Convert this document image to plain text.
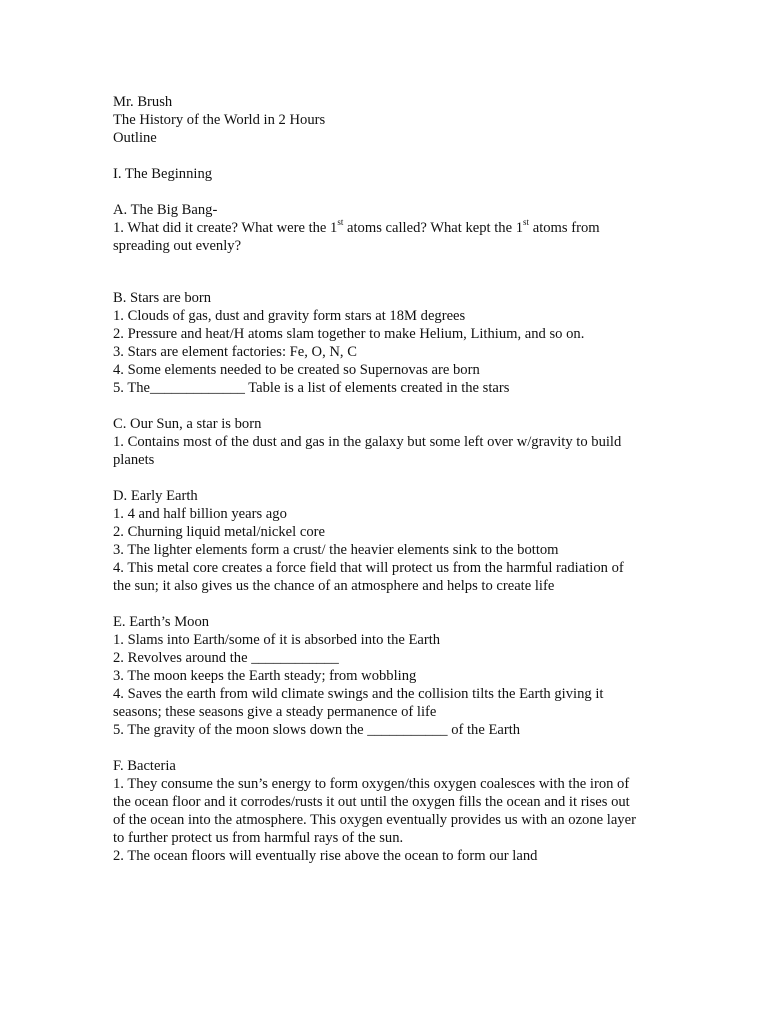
Mr. Brush
The History of the World in 2 Hours
Outline
I. The Beginning
A. The Big Bang-
1. What did it create? What were the 1st atoms called? What kept the 1st atoms from
spreading out evenly?
B. Stars are born
1. Clouds of gas, dust and gravity form stars at 18M degrees
2. Pressure and heat/H atoms slam together to make Helium, Lithium, and so on.
3. Stars are element factories: Fe, O, N, C
4. Some elements needed to be created so Supernovas are born
5. The_____________ Table is a list of elements created in the stars
C. Our Sun, a star is born
1. Contains most of the dust and gas in the galaxy but some left over w/gravity to build
planets
D. Early Earth
1. 4 and half billion years ago
2. Churning liquid metal/nickel core
3. The lighter elements form a crust/ the heavier elements sink to the bottom
4. This metal core creates a force field that will protect us from the harmful radiation of
the sun; it also gives us the chance of an atmosphere and helps to create life
E. Earth’s Moon
1. Slams into Earth/some of it is absorbed into the Earth
2. Revolves around the ____________
3. The moon keeps the Earth steady; from wobbling
4. Saves the earth from wild climate swings and the collision tilts the Earth giving it
seasons; these seasons give a steady permanence of life
5. The gravity of the moon slows down the ___________ of the Earth
F. Bacteria
1. They consume the sun’s energy to form oxygen/this oxygen coalesces with the iron of
the ocean floor and it corrodes/rusts it out until the oxygen fills the ocean and it rises out
of the ocean into the atmosphere. This oxygen eventually provides us with an ozone layer
to further protect us from harmful rays of the sun.
2. The ocean floors will eventually rise above the ocean to form our land
